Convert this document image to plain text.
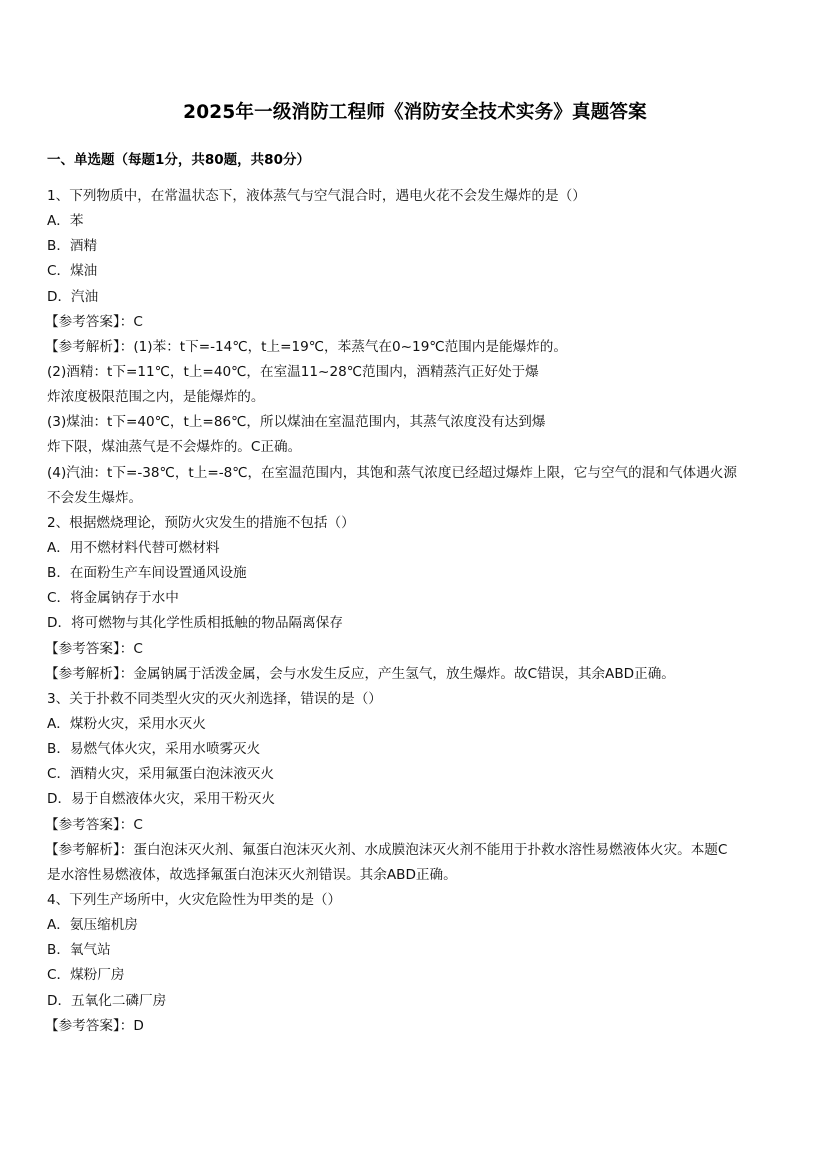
2025年一级消防工程师《消防安全技术实务》真题答案
一、单选题（每题1分，共80题，共80分）
1、下列物质中，在常温状态下，液体蒸气与空气混合时，遇电火花不会发生爆炸的是（）
A．苯
B．酒精
C．煤油
D．汽油
【参考答案】：C
【参考解析】：(1)苯：t下=-14℃，t上=19℃，苯蒸气在0~19℃范围内是能爆炸的。
(2)酒精：t下=11℃，t上=40℃，在室温11~28℃范围内，酒精蒸汽正好处于爆
炸浓度极限范围之内，是能爆炸的。
(3)煤油：t下=40℃，t上=86℃，所以煤油在室温范围内，其蒸气浓度没有达到爆
炸下限，煤油蒸气是不会爆炸的。C正确。
(4)汽油：t下=-38℃，t上=-8℃，在室温范围内，其饱和蒸气浓度已经超过爆炸上限，它与空气的混和气体遇火源
不会发生爆炸。
2、根据燃烧理论，预防火灾发生的措施不包括（）
A．用不燃材料代替可燃材料
B．在面粉生产车间设置通风设施
C．将金属钠存于水中
D．将可燃物与其化学性质相抵触的物品隔离保存
【参考答案】：C
【参考解析】：金属钠属于活泼金属，会与水发生反应，产生氢气，放生爆炸。故C错误，其余ABD正确。
3、关于扑救不同类型火灾的灭火剂选择，错误的是（）
A．煤粉火灾，采用水灭火
B．易燃气体火灾，采用水喷雾灭火
C．酒精火灾，采用氟蛋白泡沫液灭火
D．易于自燃液体火灾，采用干粉灭火
【参考答案】：C
【参考解析】：蛋白泡沫灭火剂、氟蛋白泡沫灭火剂、水成膜泡沫灭火剂不能用于扑救水溶性易燃液体火灾。本题C
是水溶性易燃液体，故选择氟蛋白泡沫灭火剂错误。其余ABD正确。
4、下列生产场所中，火灾危险性为甲类的是（）
A．氨压缩机房
B．氧气站
C．煤粉厂房
D．五氧化二磷厂房
【参考答案】：D
